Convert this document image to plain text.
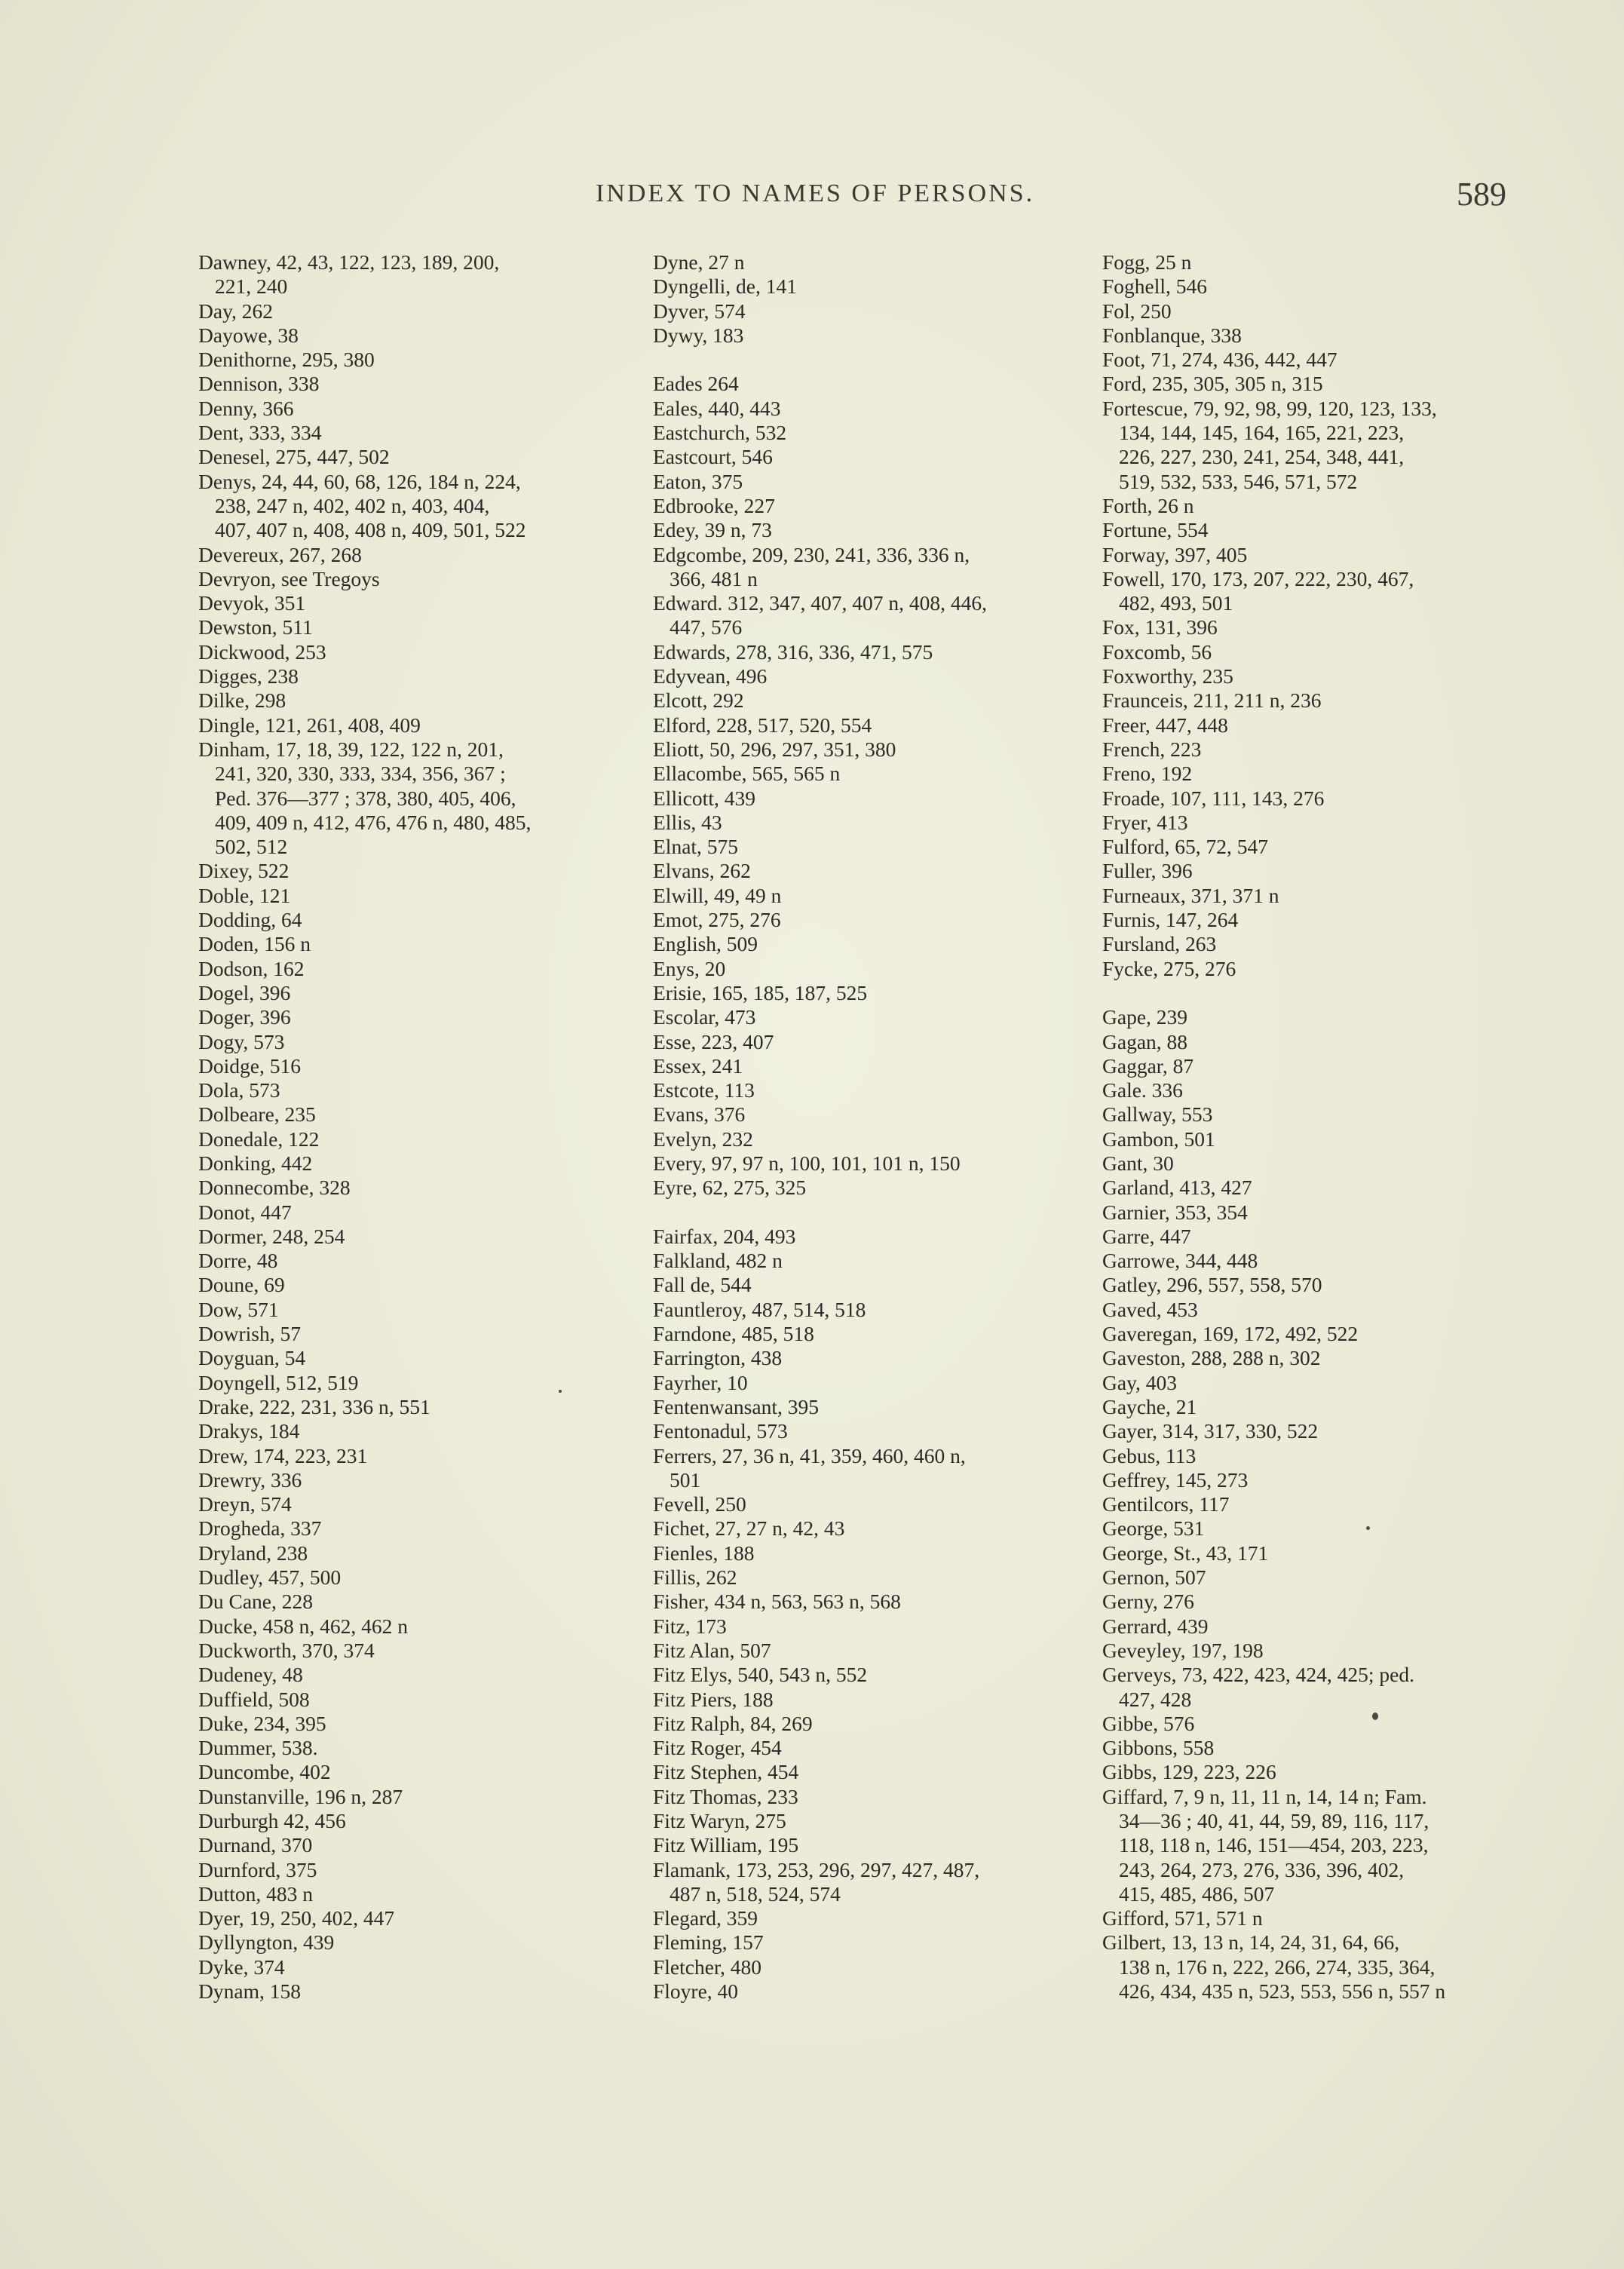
INDEX TO NAMES OF PERSONS.	589
Dawney, 42, 43, 122, 123, 189, 200,
221, 240
Day, 262
Dayowe, 38
Denithorne, 295, 380
Dennison, 338
Denny, 366
Dent, 333, 334
Denesel, 275, 447, 502
Denys, 24, 44, 60, 68, 126, 184 n, 224,
238, 247 n, 402, 402 n, 403, 404,
407, 407 n, 408, 408 n, 409, 501, 522
Devereux, 267, 268
Devryon, see Tregoys
Devyok, 351
Dewston, 511
Dickwood, 253
Digges, 238
Dilke, 298
Dingle, 121, 261, 408, 409
Dinham, 17, 18, 39, 122, 122 n, 201,
241, 320, 330, 333, 334, 356, 367 ;
Ped. 376—377 ; 378, 380, 405, 406,
409, 409 n, 412, 476, 476 n, 480, 485,
502, 512
Dixey, 522
Doble, 121
Dodding, 64
Doden, 156 n
Dodson, 162
Dogel, 396
Doger, 396
Dogy, 573
Doidge, 516
Dola, 573
Dolbeare, 235
Donedale, 122
Donking, 442
Donnecombe, 328
Donot, 447
Dormer, 248, 254
Dorre, 48
Doune, 69
Dow, 571
Dowrish, 57
Doyguan, 54
Doyngell, 512, 519
Drake, 222, 231, 336 n, 551
Drakys, 184
Drew, 174, 223, 231
Drewry, 336
Dreyn, 574
Drogheda, 337
Dryland, 238
Dudley, 457, 500
Du Cane, 228
Ducke, 458 n, 462, 462 n
Duckworth, 370, 374
Dudeney, 48
Duffield, 508
Duke, 234, 395
Dummer, 538.
Duncombe, 402
Dunstanville, 196 n, 287
Durburgh 42, 456
Durnand, 370
Durnford, 375
Dutton, 483 n
Dyer, 19, 250, 402, 447
Dyllyngton, 439
Dyke, 374
Dynam, 158
Dyne, 27 n
Dyngelli, de, 141
Dyver, 574
Dywy, 183
Eades 264
Eales, 440, 443
Eastchurch, 532
Eastcourt, 546
Eaton, 375
Edbrooke, 227
Edey, 39 n, 73
Edgcombe, 209, 230, 241, 336, 336 n,
366, 481 n
Edward. 312, 347, 407, 407 n, 408, 446,
447, 576
Edwards, 278, 316, 336, 471, 575
Edyvean, 496
Elcott, 292
Elford, 228, 517, 520, 554
Eliott, 50, 296, 297, 351, 380
Ellacombe, 565, 565 n
Ellicott, 439
Ellis, 43
Elnat, 575
Elvans, 262
Elwill, 49, 49 n
Emot, 275, 276
English, 509
Enys, 20
Erisie, 165, 185, 187, 525
Escolar, 473
Esse, 223, 407
Essex, 241
Estcote, 113
Evans, 376
Evelyn, 232
Every, 97, 97 n, 100, 101, 101 n, 150
Eyre, 62, 275, 325
Fairfax, 204, 493
Falkland, 482 n
Fall de, 544
Fauntleroy, 487, 514, 518
Farndone, 485, 518
Farrington, 438
Fayrher, 10
Fentenwansant, 395
Fentonadul, 573
Ferrers, 27, 36 n, 41, 359, 460, 460 n,
501
Fevell, 250
Fichet, 27, 27 n, 42, 43
Fienles, 188
Fillis, 262
Fisher, 434 n, 563, 563 n, 568
Fitz, 173
Fitz Alan, 507
Fitz Elys, 540, 543 n, 552
Fitz Piers, 188
Fitz Ralph, 84, 269
Fitz Roger, 454
Fitz Stephen, 454
Fitz Thomas, 233
Fitz Waryn, 275
Fitz William, 195
Flamank, 173, 253, 296, 297, 427, 487,
487 n, 518, 524, 574
Flegard, 359
Fleming, 157
Fletcher, 480
Floyre, 40
Fogg, 25 n
Foghell, 546
Fol, 250
Fonblanque, 338
Foot, 71, 274, 436, 442, 447
Ford, 235, 305, 305 n, 315
Fortescue, 79, 92, 98, 99, 120, 123, 133,
134, 144, 145, 164, 165, 221, 223,
226, 227, 230, 241, 254, 348, 441,
519, 532, 533, 546, 571, 572
Forth, 26 n
Fortune, 554
Forway, 397, 405
Fowell, 170, 173, 207, 222, 230, 467,
482, 493, 501
Fox, 131, 396
Foxcomb, 56
Foxworthy, 235
Fraunceis, 211, 211 n, 236
Freer, 447, 448
French, 223
Freno, 192
Froade, 107, 111, 143, 276
Fryer, 413
Fulford, 65, 72, 547
Fuller, 396
Furneaux, 371, 371 n
Furnis, 147, 264
Fursland, 263
Fycke, 275, 276
Gape, 239
Gagan, 88
Gaggar, 87
Gale. 336
Gallway, 553
Gambon, 501
Gant, 30
Garland, 413, 427
Garnier, 353, 354
Garre, 447
Garrowe, 344, 448
Gatley, 296, 557, 558, 570
Gaved, 453
Gaveregan, 169, 172, 492, 522
Gaveston, 288, 288 n, 302
Gay, 403
Gayche, 21
Gayer, 314, 317, 330, 522
Gebus, 113
Geffrey, 145, 273
Gentilcors, 117
George, 531
George, St., 43, 171
Gernon, 507
Gerny, 276
Gerrard, 439
Geveyley, 197, 198
Gerveys, 73, 422, 423, 424, 425; ped.
427, 428
Gibbe, 576
Gibbons, 558
Gibbs, 129, 223, 226
Giffard, 7, 9 n, 11, 11 n, 14, 14 n; Fam.
34—36 ; 40, 41, 44, 59, 89, 116, 117,
118, 118 n, 146, 151—454, 203, 223,
243, 264, 273, 276, 336, 396, 402,
415, 485, 486, 507
Gifford, 571, 571 n
Gilbert, 13, 13 n, 14, 24, 31, 64, 66,
138 n, 176 n, 222, 266, 274, 335, 364,
426, 434, 435 n, 523, 553, 556 n, 557 n
